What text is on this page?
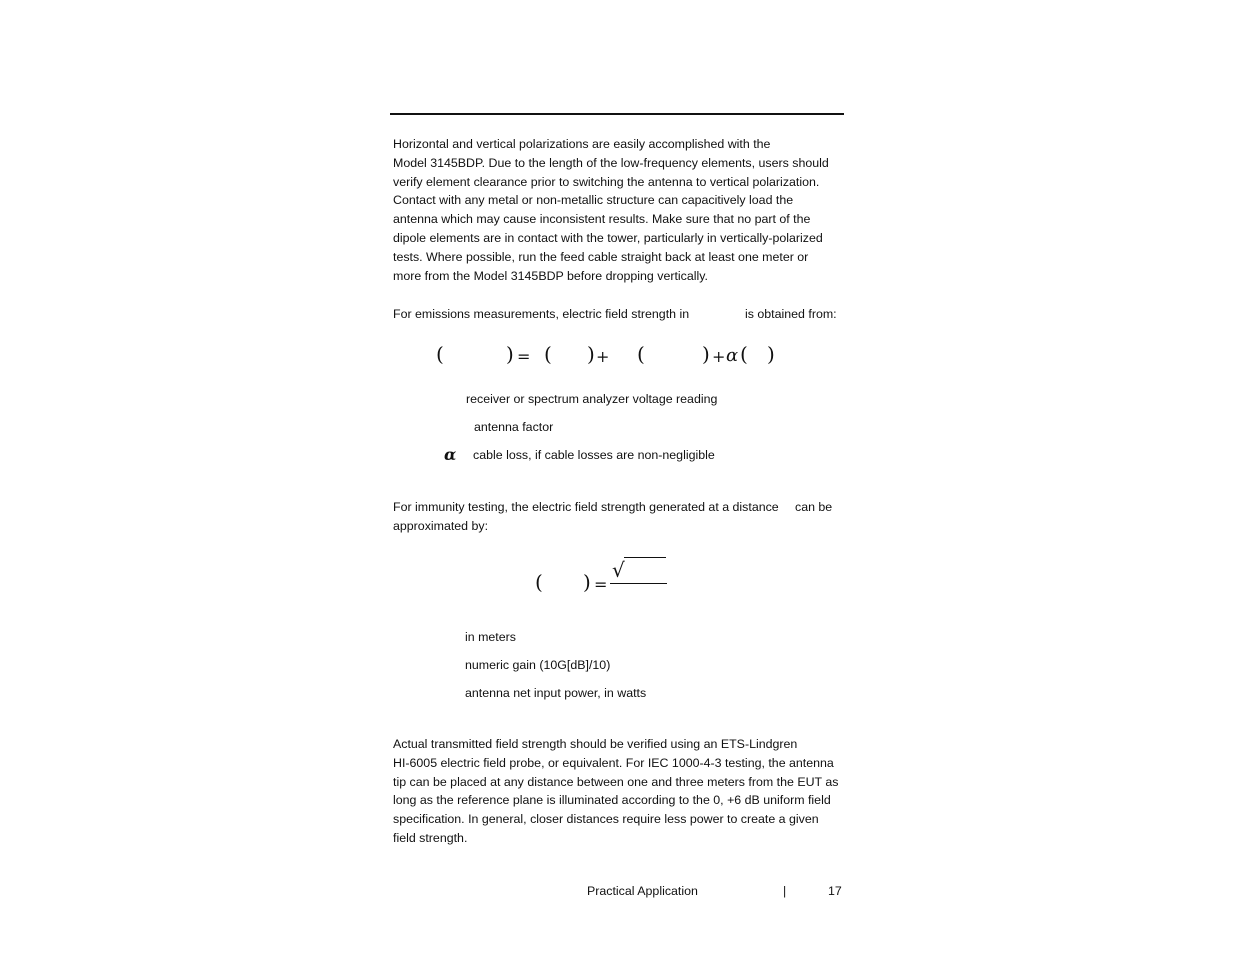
Horizontal and vertical polarizations are easily accomplished with the
Model 3145BDP. Due to the length of the low-frequency elements, users should
verify element clearance prior to switching the antenna to vertical polarization.
Contact with any metal or non-metallic structure can capacitively load the
antenna which may cause inconsistent results. Make sure that no part of the
dipole elements are in contact with the tower, particularly in vertically-polarized
tests. Where possible, run the feed cable straight back at least one meter or
more from the Model 3145BDP before dropping vertically.
For emissions measurements, electric field strength in	is obtained from:
(	) = ( ) + (	) + α ( )
receiver or spectrum analyzer voltage reading
antenna factor
α cable loss, if cable losses are non-negligible
For immunity testing, the electric field strength generated at a distance
approximated by:
can be
( ) =
√
in meters
numeric gain (10G[dB]/10)
antenna net input power, in watts
Actual transmitted field strength should be verified using an ETS-Lindgren
HI-6005 electric field probe, or equivalent. For IEC 1000-4-3 testing, the antenna
tip can be placed at any distance between one and three meters from the EUT as
long as the reference plane is illuminated according to the 0, +6 dB uniform field
specification. In general, closer distances require less power to create a given
field strength.
Practical Application	|	17
